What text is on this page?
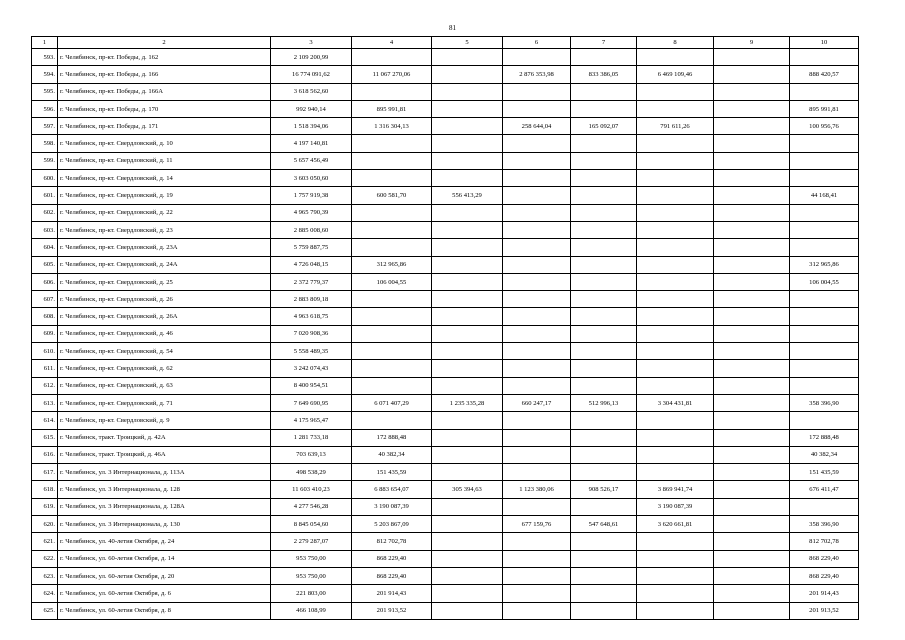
81
1	2	3	4	5	6	7	8	9	10
593.	г. Челябинск, пр-кт. Победы, д. 162	2 109 200,99							
594.	г. Челябинск, пр-кт. Победы, д. 166	16 774 091,62	11 067 270,06		2 876 353,98	833 386,05	6 469 109,46		888 420,57
595.	г. Челябинск, пр-кт. Победы, д. 166А	3 618 562,60							
596.	г. Челябинск, пр-кт. Победы, д. 170	992 940,14	895 991,81						895 991,81
597.	г. Челябинск, пр-кт. Победы, д. 171	1 518 394,06	1 316 304,13		258 644,04	165 092,07	791 611,26		100 956,76
598.	г. Челябинск, пр-кт. Свердловский, д. 10	4 197 140,81							
599.	г. Челябинск, пр-кт. Свердловский, д. 11	5 657 456,49							
600.	г. Челябинск, пр-кт. Свердловский, д. 14	3 603 050,60							
601.	г. Челябинск, пр-кт. Свердловский, д. 19	1 757 919,38	600 581,70	556 413,29					44 168,41
602.	г. Челябинск, пр-кт. Свердловский, д. 22	4 965 790,39							
603.	г. Челябинск, пр-кт. Свердловский, д. 23	2 885 008,60							
604.	г. Челябинск, пр-кт. Свердловский, д. 23А	5 759 887,75							
605.	г. Челябинск, пр-кт. Свердловский, д. 24А	4 726 048,15	312 965,86						312 965,86
606.	г. Челябинск, пр-кт. Свердловский, д. 25	2 372 779,37	106 004,55						106 004,55
607.	г. Челябинск, пр-кт. Свердловский, д. 26	2 883 809,18							
608.	г. Челябинск, пр-кт. Свердловский, д. 26А	4 963 618,75							
609.	г. Челябинск, пр-кт. Свердловский, д. 46	7 020 908,36							
610.	г. Челябинск, пр-кт. Свердловский, д. 54	5 558 489,35							
611.	г. Челябинск, пр-кт. Свердловский, д. 62	3 242 074,43							
612.	г. Челябинск, пр-кт. Свердловский, д. 63	8 400 954,51							
613.	г. Челябинск, пр-кт. Свердловский, д. 71	7 649 690,95	6 071 407,29	1 235 335,28	660 247,17	512 996,13	3 304 431,81		358 396,90
614.	г. Челябинск, пр-кт. Свердловский, д. 9	4 175 965,47							
615.	г. Челябинск, тракт. Троицкий, д. 42А	1 281 733,18	172 888,48						172 888,48
616.	г. Челябинск, тракт. Троицкий, д. 46А	703 639,13	40 382,34						40 382,34
617.	г. Челябинск, ул. 3 Интернационала, д. 113А	498 538,29	151 435,59						151 435,59
618.	г. Челябинск, ул. 3 Интернационала, д. 128	11 603 410,23	6 883 654,07	305 394,63	1 123 380,06	908 526,17	3 869 941,74		676 411,47
619.	г. Челябинск, ул. 3 Интернационала, д. 128А	4 277 546,28	3 190 087,39				3 190 087,39		
620.	г. Челябинск, ул. 3 Интернационала, д. 130	8 845 054,60	5 203 867,09		677 159,76	547 648,61	3 620 661,81		358 396,90
621.	г. Челябинск, ул. 40-летия Октября, д. 24	2 279 287,07	812 702,78						812 702,78
622.	г. Челябинск, ул. 60-летия Октября, д. 14	953 750,00	868 229,40						868 229,40
623.	г. Челябинск, ул. 60-летия Октября, д. 20	953 750,00	868 229,40						868 229,40
624.	г. Челябинск, ул. 60-летия Октября, д. 6	221 803,00	201 914,43						201 914,43
625.	г. Челябинск, ул. 60-летия Октября, д. 8	466 108,99	201 913,52						201 913,52
